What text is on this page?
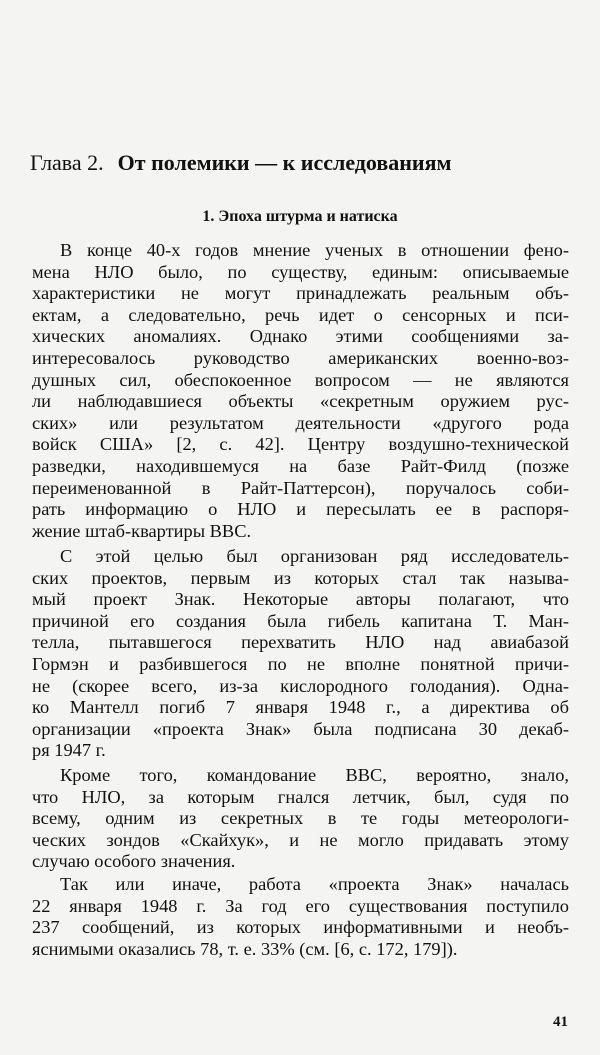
Глава 2. От полемики — к исследованиям
1. Эпоха штурма и натиска
В конце 40-х годов мнение ученых в отношении фено-
мена НЛО было, по существу, единым: описываемые
характеристики не могут принадлежать реальным объ-
ектам, а следовательно, речь идет о сенсорных и пси-
хических аномалиях. Однако этими сообщениями за-
интересовалось руководство американских военно-воз-
душных сил, обеспокоенное вопросом — не являются
ли наблюдавшиеся объекты «секретным оружием рус-
ских» или результатом деятельности «другого рода
войск США» [2, с. 42]. Центру воздушно-технической
разведки, находившемуся на базе Райт-Филд (позже
переименованной в Райт-Паттерсон), поручалось соби-
рать информацию о НЛО и пересылать ее в распоря-
жение штаб-квартиры ВВС.
С этой целью был организован ряд исследователь-
ских проектов, первым из которых стал так называ-
мый проект Знак. Некоторые авторы полагают, что
причиной его создания была гибель капитана Т. Ман-
телла, пытавшегося перехватить НЛО над авиабазой
Гормэн и разбившегося по не вполне понятной причи-
не (скорее всего, из-за кислородного голодания). Одна-
ко Мантелл погиб 7 января 1948 г., а директива об
организации «проекта Знак» была подписана 30 декаб-
ря 1947 г.
Кроме того, командование ВВС, вероятно, знало,
что НЛО, за которым гнался летчик, был, судя по
всему, одним из секретных в те годы метеорологи-
ческих зондов «Скайхук», и не могло придавать этому
случаю особого значения.
Так или иначе, работа «проекта Знак» началась
22 января 1948 г. За год его существования поступило
237 сообщений, из которых информативными и необъ-
яснимыми оказались 78, т. е. 33% (см. [6, с. 172, 179]).
41
